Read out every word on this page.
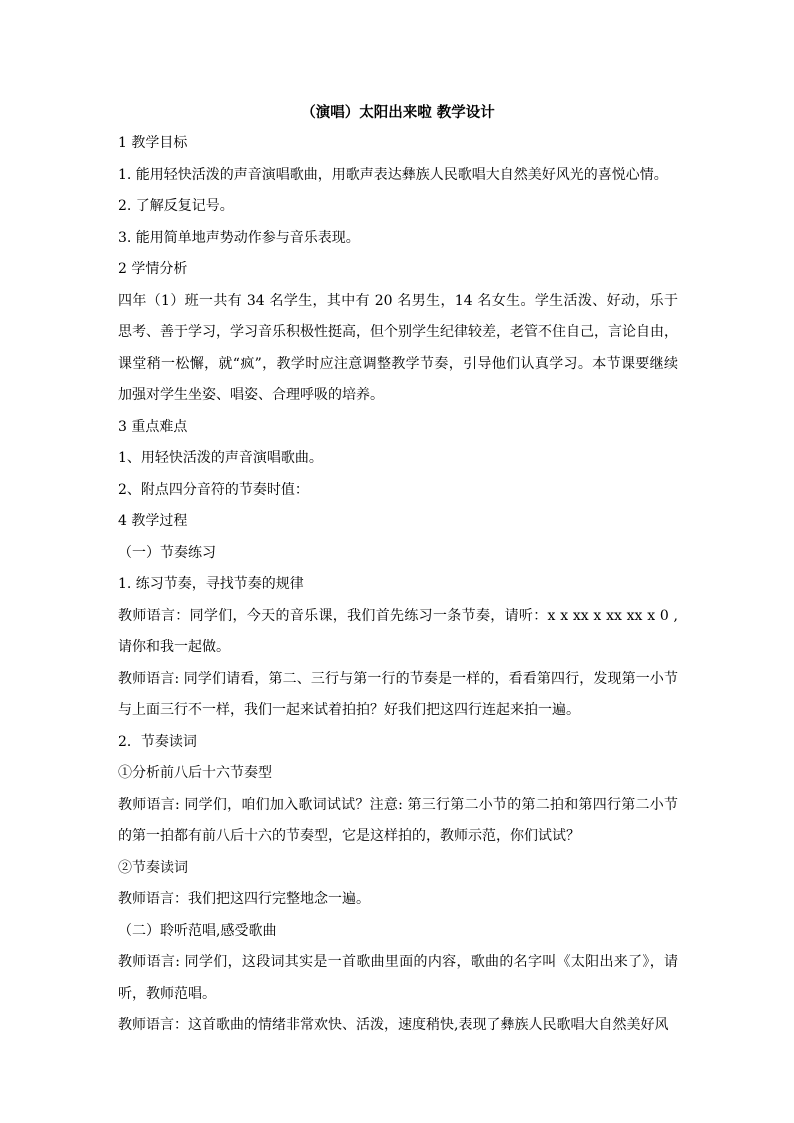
（演唱）太阳出来啦 教学设计

1 教学目标

1. 能用轻快活泼的声音演唱歌曲，用歌声表达彝族人民歌唱大自然美好风光的喜悦心情。

2. 了解反复记号。

3. 能用简单地声势动作参与音乐表现。

2 学情分析

四年（1）班一共有 34 名学生，其中有 20 名男生，14 名女生。学生活泼、好动，乐于思考、善于学习，学习音乐积极性挺高，但个别学生纪律较差，老管不住自己，言论自由，课堂稍一松懈，就“疯”，教学时应注意调整教学节奏，引导他们认真学习。本节课要继续加强对学生坐姿、唱姿、合理呼吸的培养。

3 重点难点

1、用轻快活泼的声音演唱歌曲。

2、附点四分音符的节奏时值：

4 教学过程

（一）节奏练习

1. 练习节奏，寻找节奏的规律

教师语言：同学们，今天的音乐课，我们首先练习一条节奏，请听：x x xx x xx xx x 0 ,请你和我一起做。

教师语言: 同学们请看，第二、三行与第一行的节奏是一样的，看看第四行，发现第一小节与上面三行不一样，我们一起来试着拍拍？好我们把这四行连起来拍一遍。

2．节奏读词

①分析前八后十六节奏型

教师语言: 同学们，咱们加入歌词试试？注意: 第三行第二小节的第二拍和第四行第二小节的第一拍都有前八后十六的节奏型，它是这样拍的，教师示范，你们试试？

②节奏读词

教师语言：我们把这四行完整地念一遍。

（二）聆听范唱,感受歌曲

教师语言: 同学们，这段词其实是一首歌曲里面的内容，歌曲的名字叫《太阳出来了》，请听，教师范唱。

教师语言：这首歌曲的情绪非常欢快、活泼，速度稍快,表现了彝族人民歌唱大自然美好风
